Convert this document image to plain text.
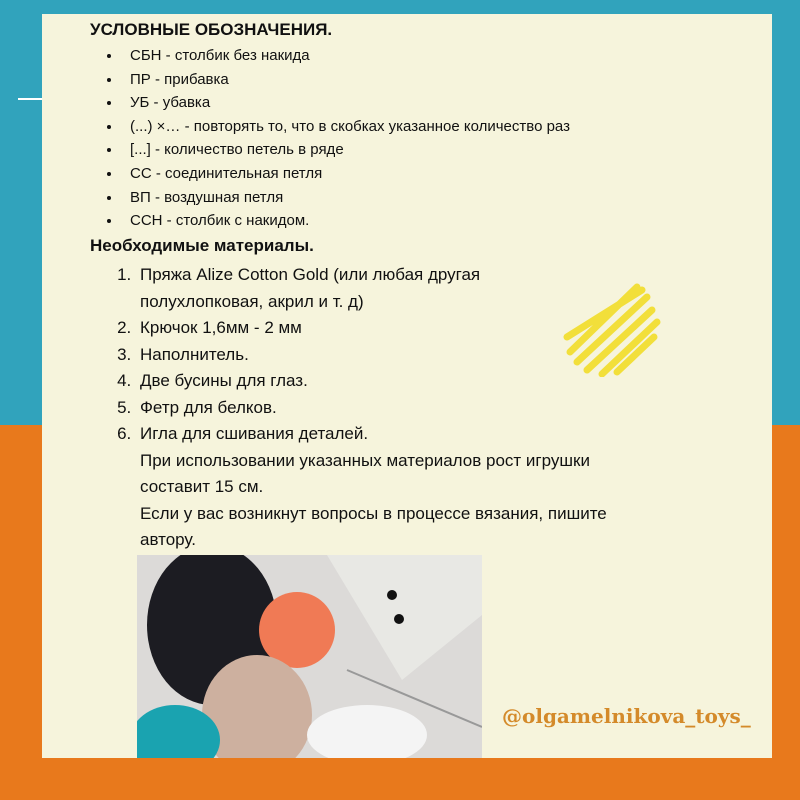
УСЛОВНЫЕ ОБОЗНАЧЕНИЯ.
• СБН - столбик без накида
• ПР - прибавка
• УБ - убавка
• (...) ×… - повторять то, что в скобках указанное количество раз
• [...] - количество петель в ряде
• СС - соединительная петля
• ВП - воздушная петля
• ССН - столбик с накидом.
Необходимые материалы.
1. Пряжа Alize Cotton Gold (или любая другая полухлопковая, акрил и т. д)
2. Крючок 1,6мм - 2 мм
3. Наполнитель.
4. Две бусины для глаз.
5. Фетр для белков.
6. Игла для сшивания деталей.
При использовании указанных материалов рост игрушки составит 15 см.
Если у вас возникнут вопросы в процессе вязания, пишите автору.
@olgamelnikova_toys_
